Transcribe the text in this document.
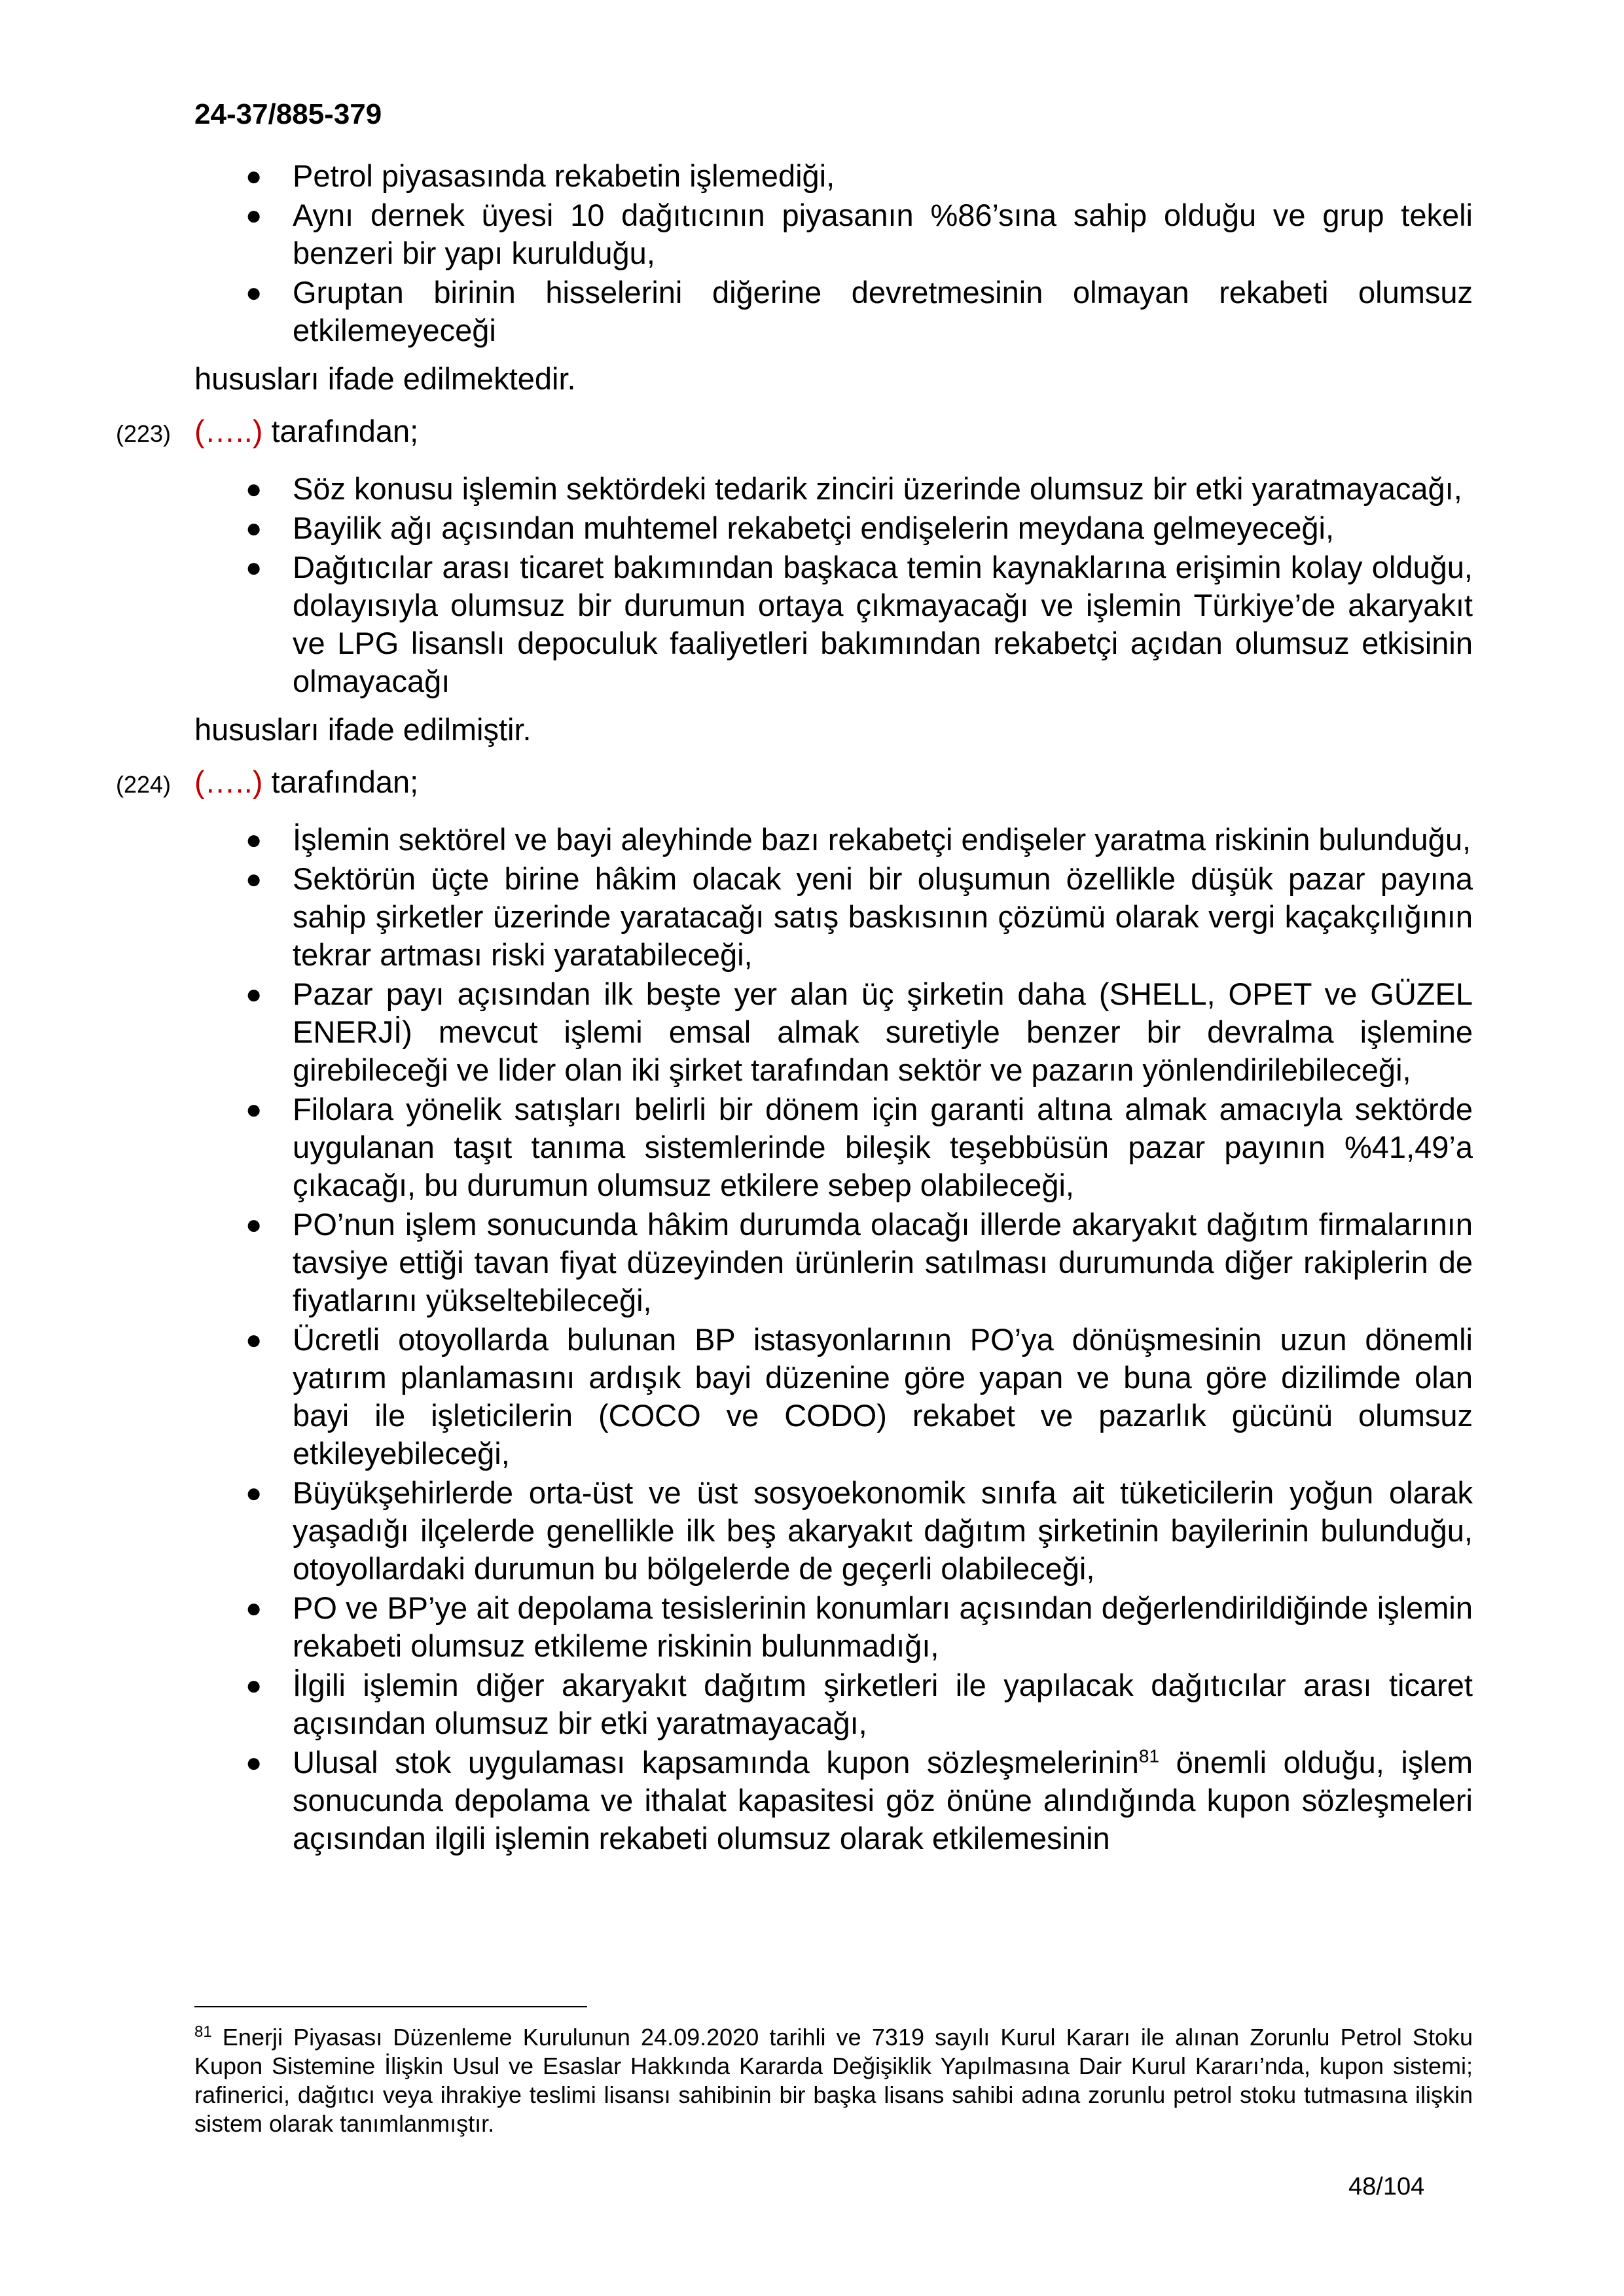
24-37/885-379
● Petrol piyasasında rekabetin işlemediği,
● Aynı dernek üyesi 10 dağıtıcının piyasanın %86’sına sahip olduğu ve grup tekeli benzeri bir yapı kurulduğu,
● Gruptan birinin hisselerini diğerine devretmesinin olmayan rekabeti olumsuz etkilemeyeceği
hususları ifade edilmektedir.
(223) (…..) tarafından;
● Söz konusu işlemin sektördeki tedarik zinciri üzerinde olumsuz bir etki yaratmayacağı,
● Bayilik ağı açısından muhtemel rekabetçi endişelerin meydana gelmeyeceği,
● Dağıtıcılar arası ticaret bakımından başkaca temin kaynaklarına erişimin kolay olduğu, dolayısıyla olumsuz bir durumun ortaya çıkmayacağı ve işlemin Türkiye’de akaryakıt ve LPG lisanslı depoculuk faaliyetleri bakımından rekabetçi açıdan olumsuz etkisinin olmayacağı
hususları ifade edilmiştir.
(224) (…..) tarafından;
● İşlemin sektörel ve bayi aleyhinde bazı rekabetçi endişeler yaratma riskinin bulunduğu,
● Sektörün üçte birine hâkim olacak yeni bir oluşumun özellikle düşük pazar payına sahip şirketler üzerinde yaratacağı satış baskısının çözümü olarak vergi kaçakçılığının tekrar artması riski yaratabileceği,
● Pazar payı açısından ilk beşte yer alan üç şirketin daha (SHELL, OPET ve GÜZEL ENERJİ) mevcut işlemi emsal almak suretiyle benzer bir devralma işlemine girebileceği ve lider olan iki şirket tarafından sektör ve pazarın yönlendirilebileceği,
● Filolara yönelik satışları belirli bir dönem için garanti altına almak amacıyla sektörde uygulanan taşıt tanıma sistemlerinde bileşik teşebbüsün pazar payının %41,49’a çıkacağı, bu durumun olumsuz etkilere sebep olabileceği,
● PO’nun işlem sonucunda hâkim durumda olacağı illerde akaryakıt dağıtım firmalarının tavsiye ettiği tavan fiyat düzeyinden ürünlerin satılması durumunda diğer rakiplerin de fiyatlarını yükseltebileceği,
● Ücretli otoyollarda bulunan BP istasyonlarının PO’ya dönüşmesinin uzun dönemli yatırım planlamasını ardışık bayi düzenine göre yapan ve buna göre dizilimde olan bayi ile işleticilerin (COCO ve CODO) rekabet ve pazarlık gücünü olumsuz etkileyebileceği,
● Büyükşehirlerde orta-üst ve üst sosyoekonomik sınıfa ait tüketicilerin yoğun olarak yaşadığı ilçelerde genellikle ilk beş akaryakıt dağıtım şirketinin bayilerinin bulunduğu, otoyollardaki durumun bu bölgelerde de geçerli olabileceği,
● PO ve BP’ye ait depolama tesislerinin konumları açısından değerlendirildiğinde işlemin rekabeti olumsuz etkileme riskinin bulunmadığı,
● İlgili işlemin diğer akaryakıt dağıtım şirketleri ile yapılacak dağıtıcılar arası ticaret açısından olumsuz bir etki yaratmayacağı,
● Ulusal stok uygulaması kapsamında kupon sözleşmelerinin$^{81}$ önemli olduğu, işlem sonucunda depolama ve ithalat kapasitesi göz önüne alındığında kupon sözleşmeleri açısından ilgili işlemin rekabeti olumsuz olarak etkilemesinin
$^{81}$ Enerji Piyasası Düzenleme Kurulunun 24.09.2020 tarihli ve 7319 sayılı Kurul Kararı ile alınan Zorunlu Petrol Stoku Kupon Sistemine İlişkin Usul ve Esaslar Hakkında Kararda Değişiklik Yapılmasına Dair Kurul Kararı’nda, kupon sistemi; rafinerici, dağıtıcı veya ihrakiye teslimi lisansı sahibinin bir başka lisans sahibi adına zorunlu petrol stoku tutmasına ilişkin sistem olarak tanımlanmıştır.
48/104
